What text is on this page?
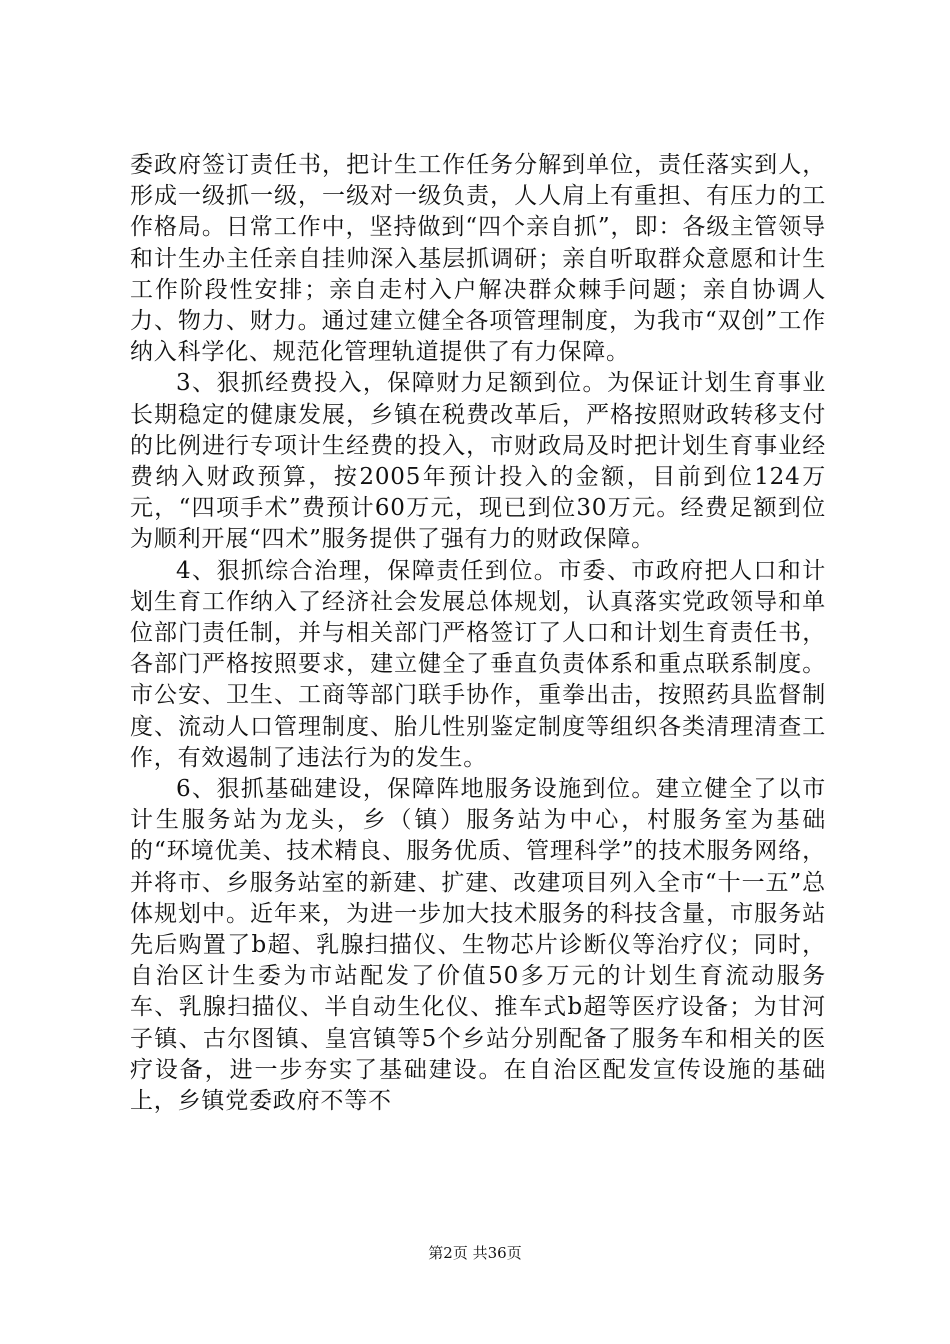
委政府签订责任书，把计生工作任务分解到单位，责任落实到人，形成一级抓一级，一级对一级负责，人人肩上有重担、有压力的工作格局。日常工作中，坚持做到“四个亲自抓”，即：各级主管领导和计生办主任亲自挂帅深入基层抓调研；亲自听取群众意愿和计生工作阶段性安排；亲自走村入户解决群众棘手问题；亲自协调人力、物力、财力。通过建立健全各项管理制度，为我市“双创”工作纳入科学化、规范化管理轨道提供了有力保障。

3、狠抓经费投入，保障财力足额到位。为保证计划生育事业长期稳定的健康发展，乡镇在税费改革后，严格按照财政转移支付的比例进行专项计生经费的投入，市财政局及时把计划生育事业经费纳入财政预算，按2005年预计投入的金额，目前到位124万元，“四项手术”费预计60万元，现已到位30万元。经费足额到位为顺利开展“四术”服务提供了强有力的财政保障。

4、狠抓综合治理，保障责任到位。市委、市政府把人口和计划生育工作纳入了经济社会发展总体规划，认真落实党政领导和单位部门责任制，并与相关部门严格签订了人口和计划生育责任书，各部门严格按照要求，建立健全了垂直负责体系和重点联系制度。市公安、卫生、工商等部门联手协作，重拳出击，按照药具监督制度、流动人口管理制度、胎儿性别鉴定制度等组织各类清理清查工作，有效遏制了违法行为的发生。

6、狠抓基础建设，保障阵地服务设施到位。建立健全了以市计生服务站为龙头，乡（镇）服务站为中心，村服务室为基础的“环境优美、技术精良、服务优质、管理科学”的技术服务网络，并将市、乡服务站室的新建、扩建、改建项目列入全市“十一五”总体规划中。近年来，为进一步加大技术服务的科技含量，市服务站先后购置了b超、乳腺扫描仪、生物芯片诊断仪等治疗仪；同时，自治区计生委为市站配发了价值50多万元的计划生育流动服务车、乳腺扫描仪、半自动生化仪、推车式b超等医疗设备；为甘河子镇、古尔图镇、皇宫镇等5个乡站分别配备了服务车和相关的医疗设备，进一步夯实了基础建设。在自治区配发宣传设施的基础上，乡镇党委政府不等不

第2页 共36页
